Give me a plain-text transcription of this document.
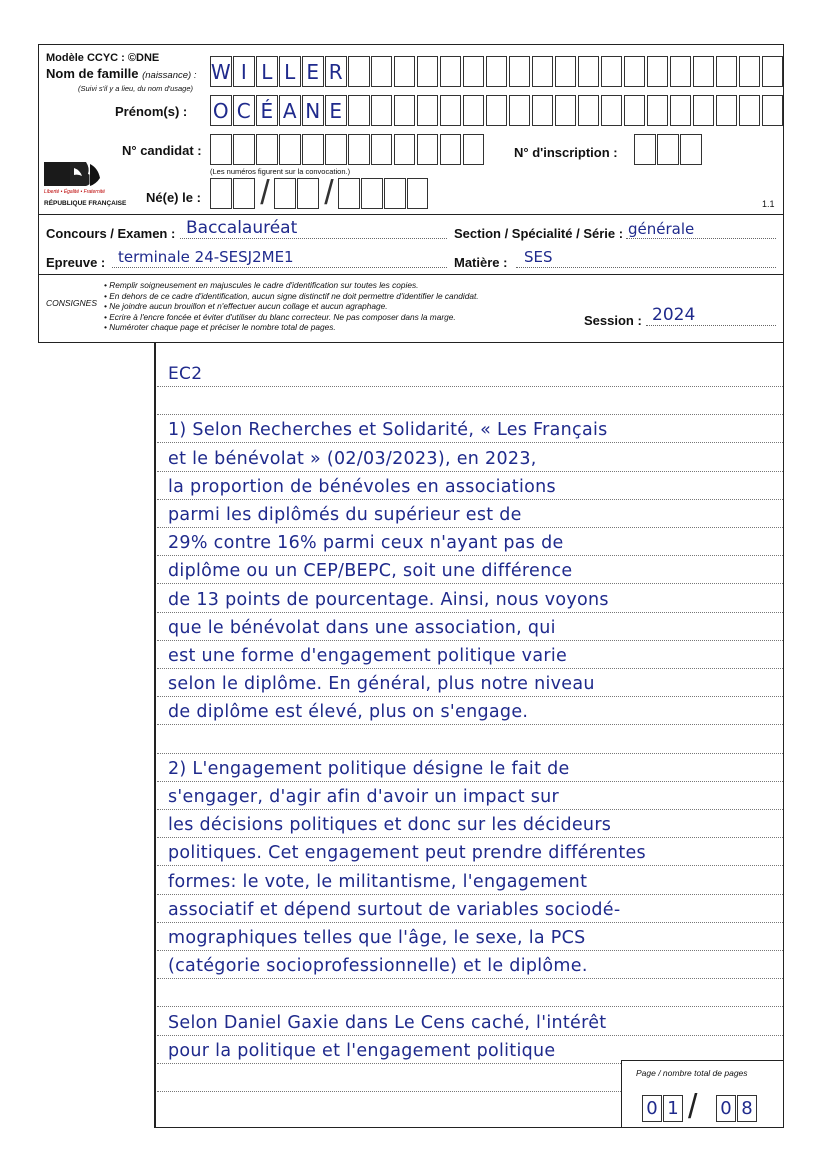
Modèle CCYC : ©DNE
Nom de famille (naissance) :
(Suivi s'il y a lieu, du nom d'usage)
W I L L E R
Prénom(s) : O C É A N E
N° candidat :
(Les numéros figurent sur la convocation.)
N° d'inscription :
Liberté • Égalité • Fraternité
RÉPUBLIQUE FRANÇAISE Né(e) le : / /	1.1
Concours / Examen : Baccalauréat	Section / Spécialité / Série : générale
Epreuve : terminale 24-SESJ2ME1	Matière : SES
CONSIGNES
• Remplir soigneusement en majuscules le cadre d'identification sur toutes les copies.
• En dehors de ce cadre d'identification, aucun signe distinctif ne doit permettre d'identifier le candidat.
• Ne joindre aucun brouillon et n'effectuer aucun collage et aucun agraphage.
• Ecrire à l'encre foncée et éviter d'utiliser du blanc correcteur. Ne pas composer dans la marge.
• Numéroter chaque page et préciser le nombre total de pages.	Session : 2024
EC2
1) Selon Recherches et Solidarité, « Les Français
et le bénévolat » (02/03/2023), en 2023,
la proportion de bénévoles en associations
parmi les diplômés du supérieur est de
29% contre 16% parmi ceux n'ayant pas de
diplôme ou un CEP/BEPC, soit une différence
de 13 points de pourcentage. Ainsi, nous voyons
que le bénévolat dans une association, qui
est une forme d'engagement politique varie
selon le diplôme. En général, plus notre niveau
de diplôme est élevé, plus on s'engage.
2) L'engagement politique désigne le fait de
s'engager, d'agir afin d'avoir un impact sur
les décisions politiques et donc sur les décideurs
politiques. Cet engagement peut prendre différentes
formes: le vote, le militantisme, l'engagement
associatif et dépend surtout de variables sociodé-
mographiques telles que l'âge, le sexe, la PCS
(catégorie socioprofessionnelle) et le diplôme.
Selon Daniel Gaxie dans Le Cens caché, l'intérêt
pour la politique et l'engagement politique
Page / nombre total de pages
0 1 / 0 8
